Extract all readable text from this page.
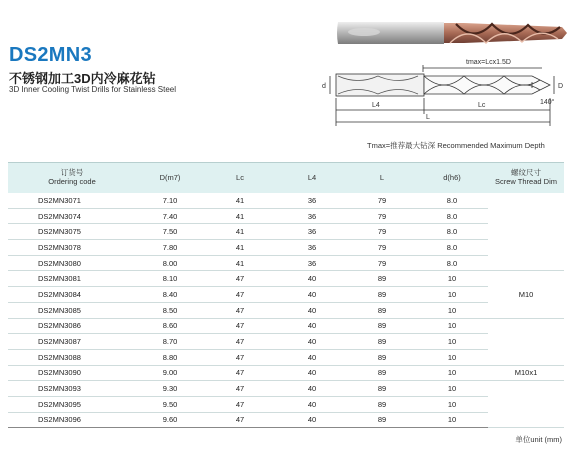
DS2MN3
不锈钢加工3D内冷麻花钻
3D Inner Cooling Twist Drills for Stainless Steel
tmax=Lcx1.5D
d	D
140°
L4	Lc
L
Tmax=推荐最大钻深 Recommended Maximum Depth
订货号
Ordering code	D(m7)	Lc	L4	L	d(h6)	螺纹尺寸
Screw Thread Dim
DS2MN3071	7.10	41	36	79	8.0	
DS2MN3074	7.40	41	36	79	8.0	
DS2MN3075	7.50	41	36	79	8.0	
DS2MN3078	7.80	41	36	79	8.0	
DS2MN3080	8.00	41	36	79	8.0	
DS2MN3081	8.10	47	40	89	10	M10
DS2MN3084	8.40	47	40	89	10	
DS2MN3085	8.50	47	40	89	10	
DS2MN3086	8.60	47	40	89	10	
DS2MN3087	8.70	47	40	89	10	
DS2MN3088	8.80	47	40	89	10	
DS2MN3090	9.00	47	40	89	10	M10x1
DS2MN3093	9.30	47	40	89	10	
DS2MN3095	9.50	47	40	89	10	
DS2MN3096	9.60	47	40	89	10	
单位unit (mm)
